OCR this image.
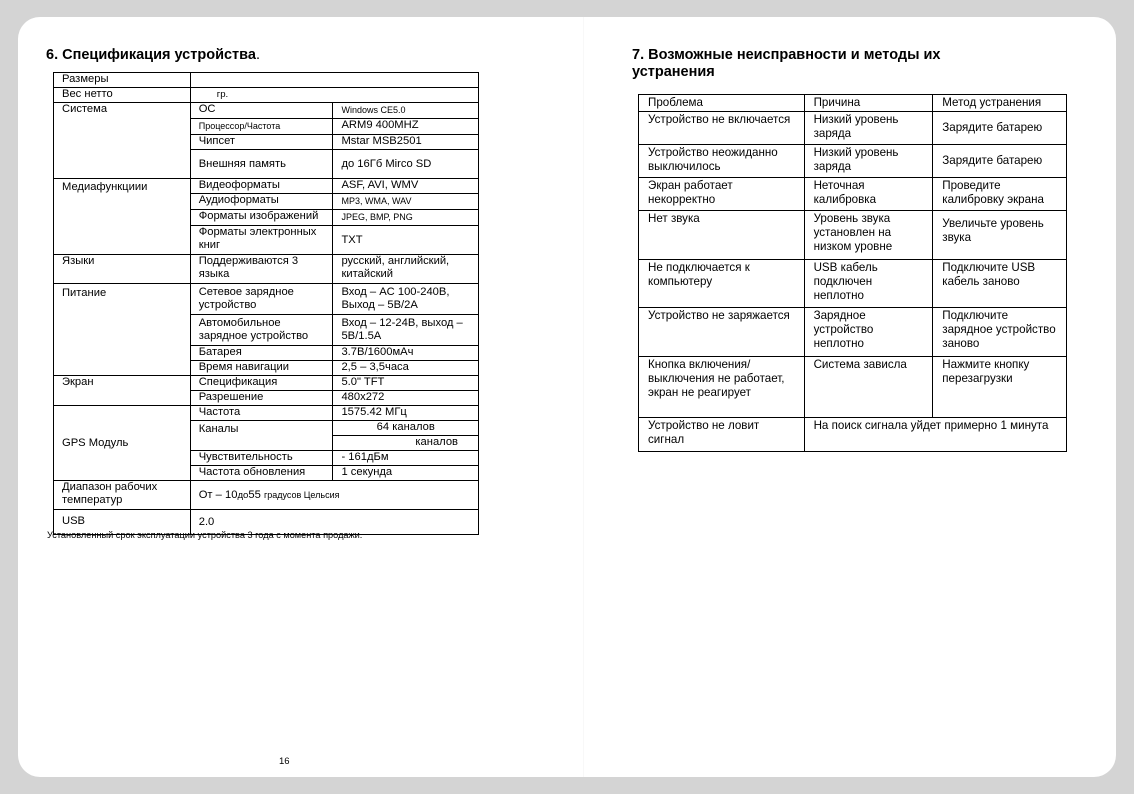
6. Спецификация устройства.
Размеры		
Вес нетто	гр.	
Система	ОС	Windows CE5.0
	Процессор/Частота	ARM9 400MHZ
	Чипсет	Mstar MSB2501
	Внешняя память	до 16Гб Mirco SD
Медиафункциии	Видеоформаты	ASF, AVI, WMV
	Аудиоформаты	MP3, WMA, WAV
	Форматы изображений	JPEG, BMP, PNG
	Форматы электронных книг	TXT
Языки	Поддерживаются 3 языка	русский, английский, китайский
Питание	Сетевое зарядное устройство	Вход – AC 100-240В, Выход – 5В/2А
	Автомобильное зарядное устройство	Вход – 12-24В, выход – 5В/1.5А
	Батарея	3.7В/1600мАч
	Время навигации	2,5 – 3,5часа
Экран	Спецификация	5.0" TFT
	Разрешение	480x272
GPS Модуль	Частота	1575.42 МГц
	Каналы	64 каналов
		каналов
	Чувствительность	- 161дБм
	Частота обновления	1 секунда
Диапазон рабочих температур	От – 10до55 градусов Цельсия	
USB	2.0	

Установленный срок эксплуатации устройства 3 года с момента продажи.

16

7. Возможные неисправности и методы их
устранения
Проблема	Причина	Метод устранения
Устройство не включается	Низкий уровень заряда	Зарядите батарею
Устройство неожиданно выключилось	Низкий уровень заряда	Зарядите батарею
Экран работает некорректно	Неточная калибровка	Проведите калибровку экрана
Нет звука	Уровень звука установлен на низком уровне	Увеличьте уровень звука
Не подключается к компьютеру	USB кабель подключен неплотно	Подключите USB кабель заново
Устройство не заряжается	Зарядное устройство неплотно	Подключите зарядное устройство заново
Кнопка включения/выключения не работает, экран не реагирует	Система зависла	Нажмите кнопку перезагрузки
Устройство не ловит сигнал	На поиск сигнала уйдет примерно 1 минута	
